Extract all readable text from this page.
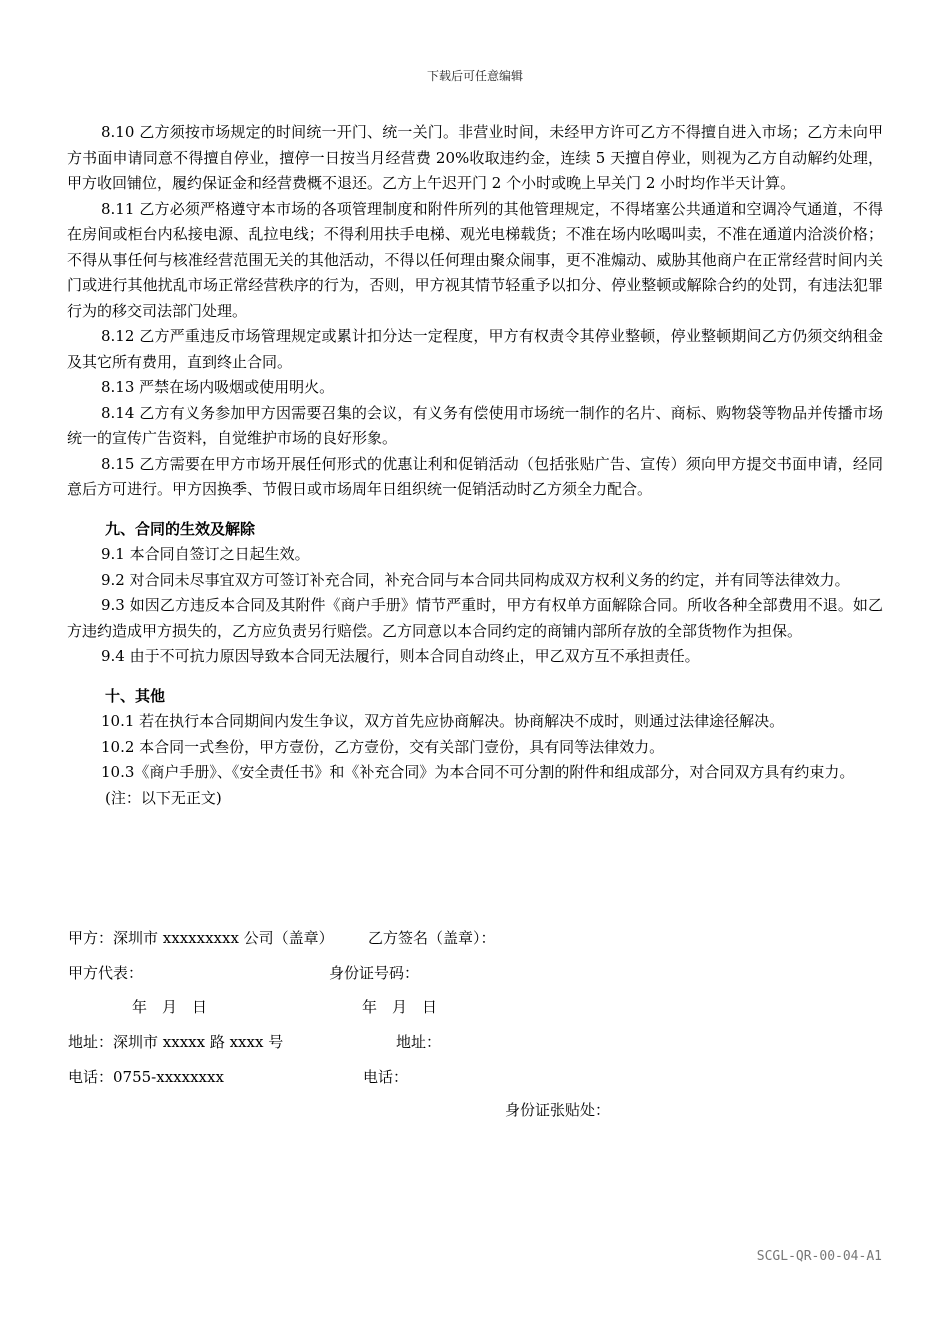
下载后可任意编辑

8.10 乙方须按市场规定的时间统一开门、统一关门。非营业时间，未经甲方许可乙方不得擅自进入市场；乙方未向甲方书面申请同意不得擅自停业，擅停一日按当月经营费 20%收取违约金，连续 5 天擅自停业，则视为乙方自动解约处理，甲方收回铺位，履约保证金和经营费概不退还。乙方上午迟开门 2 个小时或晚上早关门 2 小时均作半天计算。

8.11 乙方必须严格遵守本市场的各项管理制度和附件所列的其他管理规定，不得堵塞公共通道和空调冷气通道，不得在房间或柜台内私接电源、乱拉电线；不得利用扶手电梯、观光电梯载货；不准在场内吆喝叫卖，不准在通道内洽淡价格；不得从事任何与核准经营范围无关的其他活动，不得以任何理由聚众闹事，更不准煽动、威胁其他商户在正常经营时间内关门或进行其他扰乱市场正常经营秩序的行为，否则，甲方视其情节轻重予以扣分、停业整顿或解除合约的处罚，有违法犯罪行为的移交司法部门处理。

8.12 乙方严重违反市场管理规定或累计扣分达一定程度，甲方有权责令其停业整顿，停业整顿期间乙方仍须交纳租金及其它所有费用，直到终止合同。

8.13 严禁在场内吸烟或使用明火。

8.14 乙方有义务参加甲方因需要召集的会议，有义务有偿使用市场统一制作的名片、商标、购物袋等物品并传播市场统一的宣传广告资料，自觉维护市场的良好形象。

8.15 乙方需要在甲方市场开展任何形式的优惠让利和促销活动（包括张贴广告、宣传）须向甲方提交书面申请，经同意后方可进行。甲方因换季、节假日或市场周年日组织统一促销活动时乙方须全力配合。

九、合同的生效及解除

9.1 本合同自签订之日起生效。

9.2 对合同未尽事宜双方可签订补充合同，补充合同与本合同共同构成双方权利义务的约定，并有同等法律效力。

9.3 如因乙方违反本合同及其附件《商户手册》情节严重时，甲方有权单方面解除合同。所收各种全部费用不退。如乙方违约造成甲方损失的，乙方应负责另行赔偿。乙方同意以本合同约定的商铺内部所存放的全部货物作为担保。

9.4 由于不可抗力原因导致本合同无法履行，则本合同自动终止，甲乙双方互不承担责任。

十、其他

10.1 若在执行本合同期间内发生争议，双方首先应协商解决。协商解决不成时，则通过法律途径解决。

10.2 本合同一式叁份，甲方壹份，乙方壹份，交有关部门壹份，具有同等法律效力。

10.3《商户手册》、《安全责任书》和《补充合同》为本合同不可分割的附件和组成部分，对合同双方具有约束力。

(注：以下无正文)

甲方：深圳市 xxxxxxxxx 公司（盖章） 乙方签名（盖章）：
甲方代表：	身份证号码：
年　月　日	年　月　日
地址：深圳市 xxxxx 路 xxxx 号	地址：
电话：0755-xxxxxxxx	电话：
身份证张贴处：
SCGL-QR-00-04-A1
